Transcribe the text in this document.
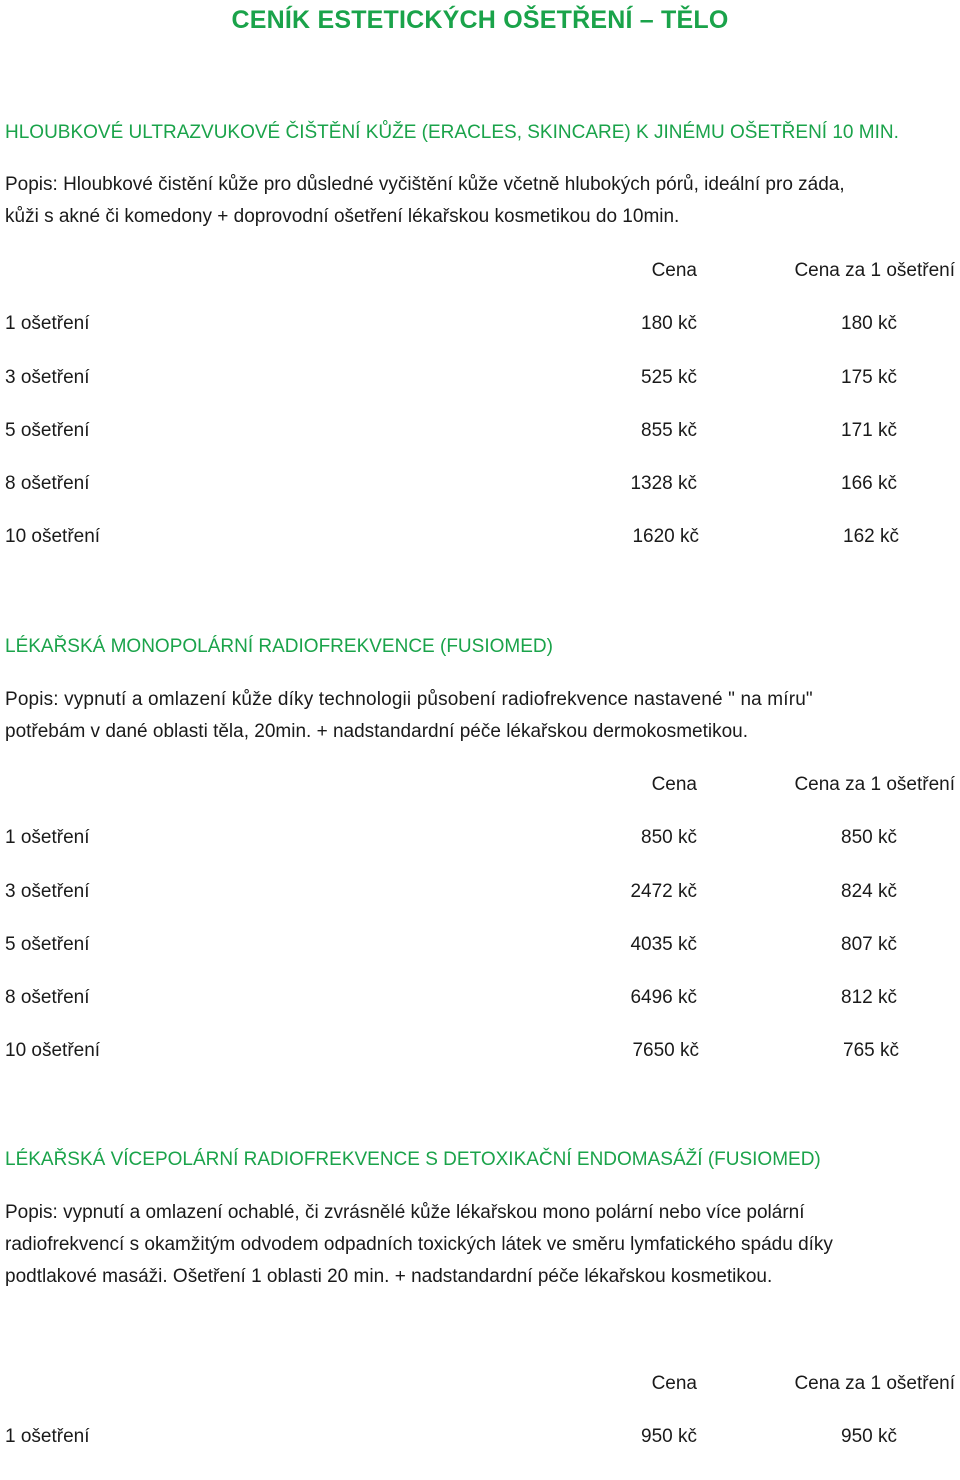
CENÍK ESTETICKÝCH OŠETŘENÍ – TĚLO

HLOUBKOVÉ ULTRAZVUKOVÉ ČIŠTĚNÍ KŮŽE (ERACLES, SKINCARE) K JINÉMU OŠETŘENÍ 10 MIN.

Popis: Hloubkové čistění kůže pro důsledné vyčištění kůže včetně hlubokých pórů, ideální pro záda,

kůži s akné či komedony + doprovodní ošetření lékařskou kosmetikou do 10min.

Cena	Cena za 1 ošetření
1 ošetření	180 kč	180 kč
3 ošetření	525 kč	175 kč
5 ošetření	855 kč	171 kč
8 ošetření	1328 kč	166 kč
10 ošetření	1620 kč	162 kč

LÉKAŘSKÁ MONOPOLÁRNÍ RADIOFREKVENCE (FUSIOMED)

Popis: vypnutí a omlazení kůže díky technologii působení radiofrekvence nastavené " na míru"

potřebám v dané oblasti těla, 20min. + nadstandardní péče lékařskou dermokosmetikou.

Cena	Cena za 1 ošetření
1 ošetření	850 kč	850 kč
3 ošetření	2472 kč	824 kč
5 ošetření	4035 kč	807 kč
8 ošetření	6496 kč	812 kč
10 ošetření	7650 kč	765 kč

LÉKAŘSKÁ VÍCEPOLÁRNÍ RADIOFREKVENCE S DETOXIKAČNÍ ENDOMASÁŽÍ (FUSIOMED)

Popis: vypnutí a omlazení ochablé, či zvrásnělé kůže lékařskou mono polární nebo více polární

radiofrekvencí s okamžitým odvodem odpadních toxických látek ve směru lymfatického spádu díky

podtlakové masáži. Ošetření 1 oblasti 20 min. + nadstandardní péče lékařskou kosmetikou.

Cena	Cena za 1 ošetření
1 ošetření	950 kč	950 kč
